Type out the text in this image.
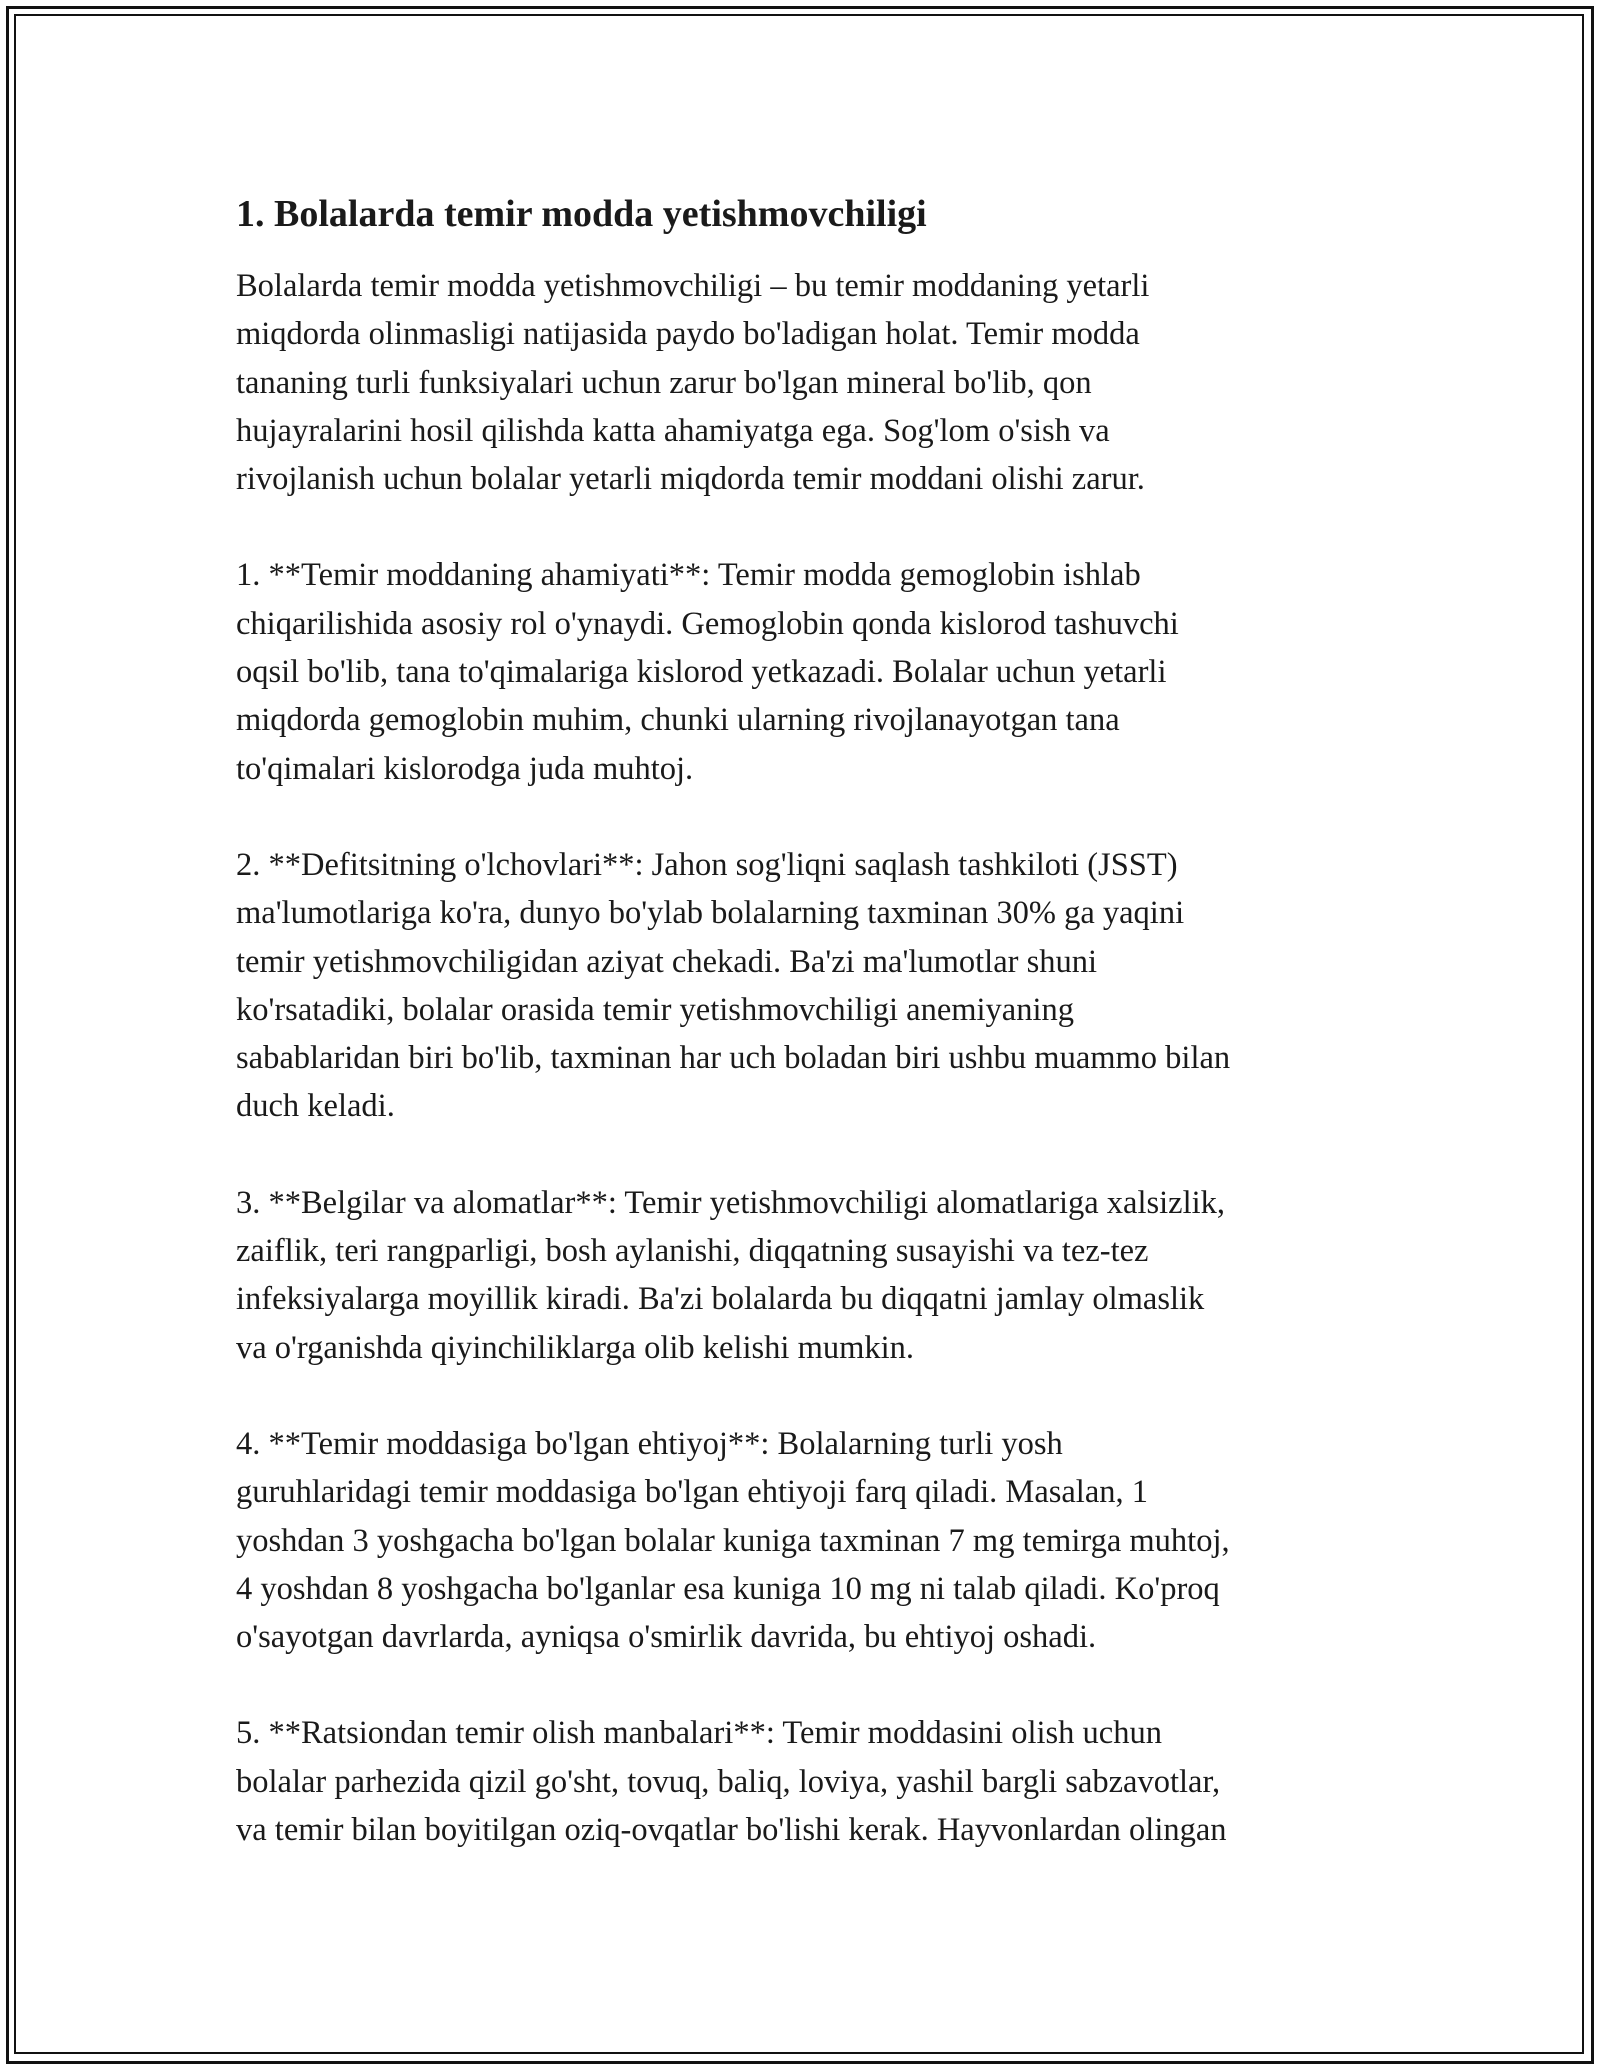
1. Bolalarda temir modda yetishmovchiligi

Bolalarda temir modda yetishmovchiligi – bu temir moddaning yetarli
miqdorda olinmasligi natijasida paydo bo'ladigan holat. Temir modda
tananing turli funksiyalari uchun zarur bo'lgan mineral bo'lib, qon
hujayralarini hosil qilishda katta ahamiyatga ega. Sog'lom o'sish va
rivojlanish uchun bolalar yetarli miqdorda temir moddani olishi zarur.

1. **Temir moddaning ahamiyati**: Temir modda gemoglobin ishlab
chiqarilishida asosiy rol o'ynaydi. Gemoglobin qonda kislorod tashuvchi
oqsil bo'lib, tana to'qimalariga kislorod yetkazadi. Bolalar uchun yetarli
miqdorda gemoglobin muhim, chunki ularning rivojlanayotgan tana
to'qimalari kislorodga juda muhtoj.

2. **Defitsitning o'lchovlari**: Jahon sog'liqni saqlash tashkiloti (JSST)
ma'lumotlariga ko'ra, dunyo bo'ylab bolalarning taxminan 30% ga yaqini
temir yetishmovchiligidan aziyat chekadi. Ba'zi ma'lumotlar shuni
ko'rsatadiki, bolalar orasida temir yetishmovchiligi anemiyaning
sabablaridan biri bo'lib, taxminan har uch boladan biri ushbu muammo bilan
duch keladi.

3. **Belgilar va alomatlar**: Temir yetishmovchiligi alomatlariga xalsizlik,
zaiflik, teri rangparligi, bosh aylanishi, diqqatning susayishi va tez-tez
infeksiyalarga moyillik kiradi. Ba'zi bolalarda bu diqqatni jamlay olmaslik
va o'rganishda qiyinchiliklarga olib kelishi mumkin.

4. **Temir moddasiga bo'lgan ehtiyoj**: Bolalarning turli yosh
guruhlaridagi temir moddasiga bo'lgan ehtiyoji farq qiladi. Masalan, 1
yoshdan 3 yoshgacha bo'lgan bolalar kuniga taxminan 7 mg temirga muhtoj,
4 yoshdan 8 yoshgacha bo'lganlar esa kuniga 10 mg ni talab qiladi. Ko'proq
o'sayotgan davrlarda, ayniqsa o'smirlik davrida, bu ehtiyoj oshadi.

5. **Ratsiondan temir olish manbalari**: Temir moddasini olish uchun
bolalar parhezida qizil go'sht, tovuq, baliq, loviya, yashil bargli sabzavotlar,
va temir bilan boyitilgan oziq-ovqatlar bo'lishi kerak. Hayvonlardan olingan
